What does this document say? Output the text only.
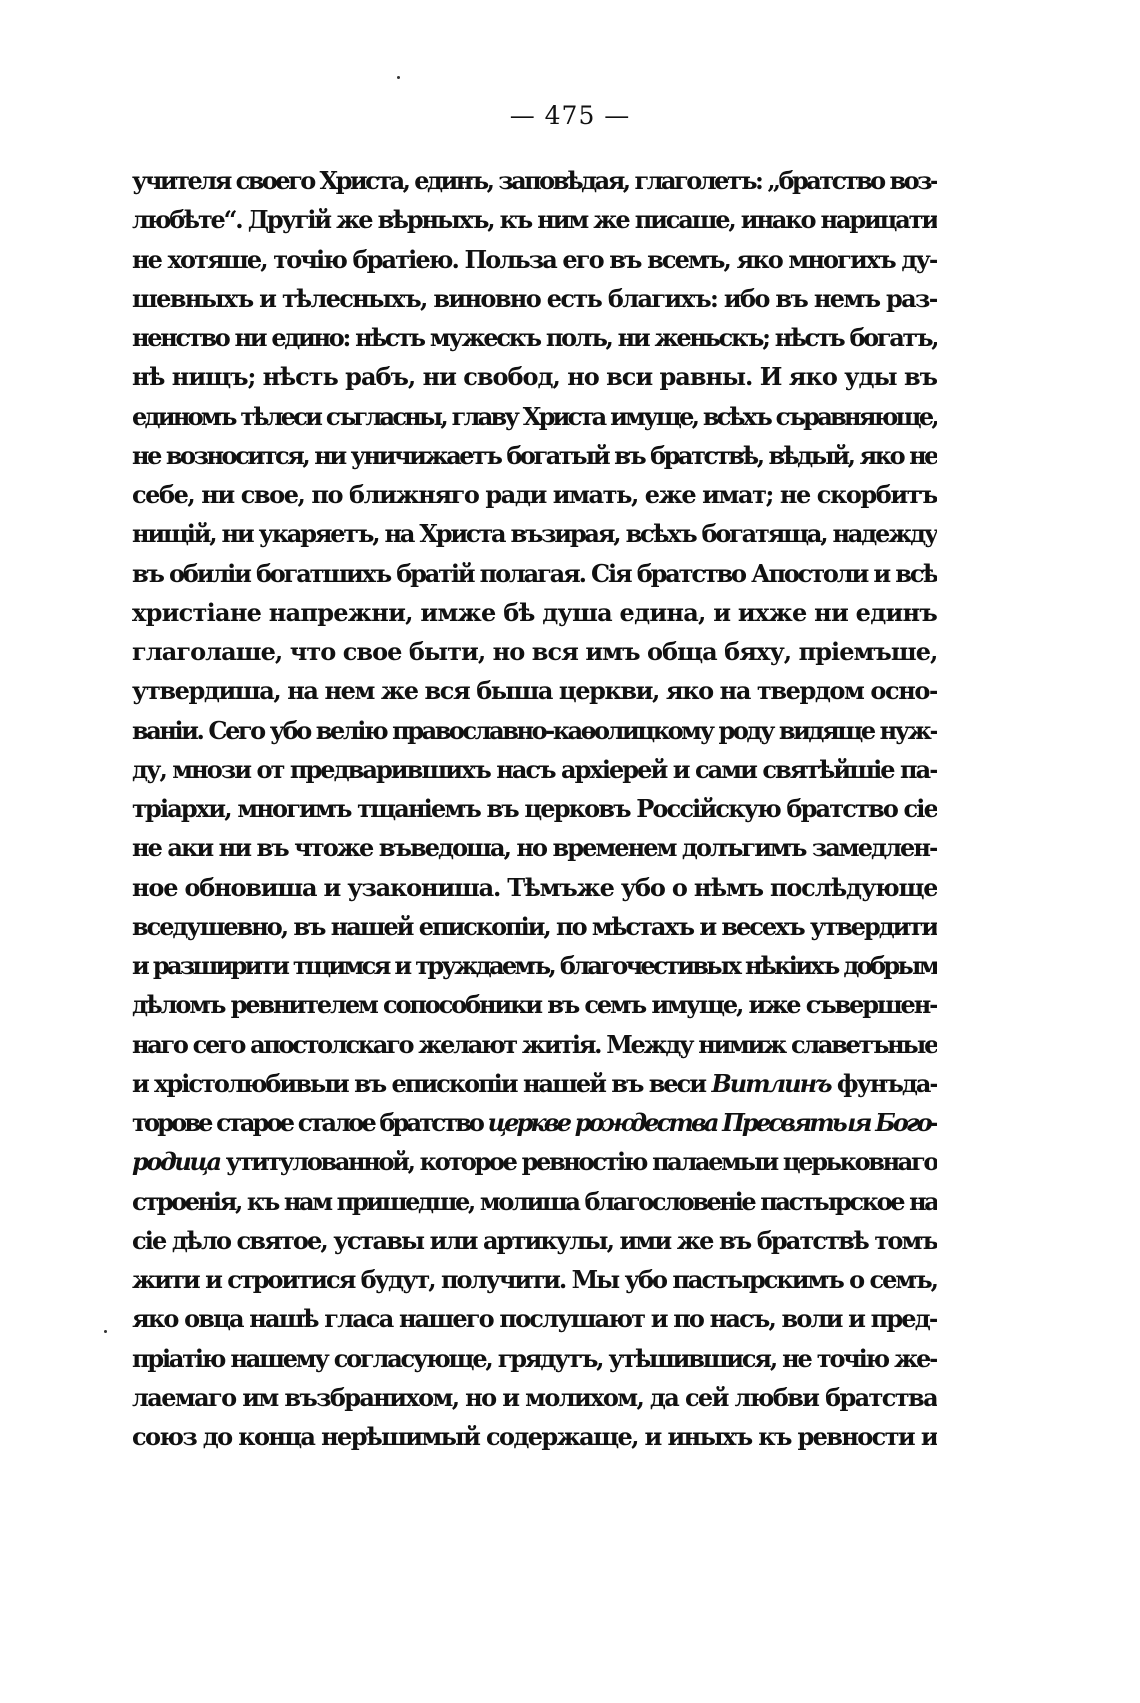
— 475 —
учителя своего Христа, единъ, заповѣдая, глаголетъ: „братство воз-
любѣте“. Другій же вѣрныхъ, къ ним же писаше, инако нарицати
не хотяше, точію братіею. Польза его въ всемъ, яко многихъ ду-
шевныхъ и тѣлесныхъ, виновно есть благихъ: ибо въ немъ раз-
ненство ни едино: нѣсть мужескъ полъ, ни женьскъ; нѣсть богатъ,
нѣ нищъ; нѣсть рабъ, ни свобод, но вси равны. И яко уды въ
единомъ тѣлеси съгласны, главу Христа имуще, всѣхъ съравняюще,
не возносится, ни уничижаетъ богатый въ братствѣ, вѣдый, яко не
себе, ни свое, по ближняго ради имать, еже имат; не скорбитъ
нищій, ни укаряетъ, на Христа възирая, всѣхъ богатяща, надежду
въ обиліи богатшихъ братій полагая. Сія братство Апостоли и всѣ
христіане напрежни, имже бѣ душа едина, и ихже ни единъ
глаголаше, что свое быти, но вся имъ обща бяху, пріемъше,
утвердиша, на нем же вся быша церкви, яко на твердом осно-
ваніи. Сего убо велію православно-каѳолицкому роду видяще нуж-
ду, мнози от предварившихъ насъ архіерей и сами святѣйшіе па-
тріархи, многимъ тщаніемъ въ церковъ Россійскую братство сіе
не аки ни въ чтоже въведоша, но временем долъгимъ замедлен-
ное обновиша и узакониша. Тѣмъже убо о нѣмъ послѣдующе
вседушевно, въ нашей епископіи, по мѣстахъ и весехъ утвердити
и разширити тщимся и труждаемъ, благочестивых нѣкіихъ добрым
дѣломъ ревнителем сопособники въ семъ имуще, иже съвершен-
наго сего апостолскаго желают житія. Между нимиж славетъные
и хрістолюбивыи въ епископіи нашей въ веси Витлинъ фунъда-
торове старое сталое братство церкве рождества Пресвятыя Бого-
родица утитулованной, которое ревностію палаемыи церьковнаго
строенія, къ нам пришедше, молиша благословеніе пастырское на
сіе дѣло святое, уставы или артикулы, ими же въ братствѣ томъ
жити и строитися будут, получити. Мы убо пастырскимъ о семъ,
яко овца нашѣ гласа нашего послушают и по насъ, воли и пред-
пріатію нашему согласующе, грядутъ, утѣшившися, не точію же-
лаемаго им възбранихом, но и молихом, да сей любви братства
союз до конца нерѣшимый содержаще, и иныхъ къ ревности и
